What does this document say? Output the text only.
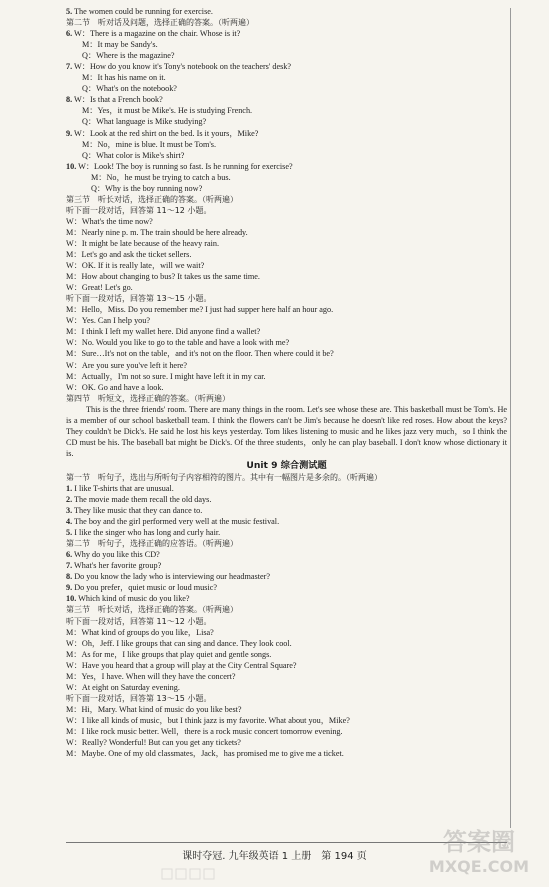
5. The women could be running for exercise.
第二节　听对话及问题，选择正确的答案。（听两遍）
6. W：There is a magazine on the chair. Whose is it?
M：It may be Sandy's.
Q：Where is the magazine?
7. W：How do you know it's Tony's notebook on the teachers' desk?
M：It has his name on it.
Q：What's on the notebook?
8. W：Is that a French book?
M：Yes，it must be Mike's. He is studying French.
Q：What language is Mike studying?
9. W：Look at the red shirt on the bed. Is it yours，Mike?
M：No，mine is blue. It must be Tom's.
Q：What color is Mike's shirt?
10. W：Look! The boy is running so fast. Is he running for exercise?
M：No，he must be trying to catch a bus.
Q：Why is the boy running now?
第三节　听长对话，选择正确的答案。（听两遍）
听下面一段对话，回答第 11～12 小题。
W：What's the time now?
M：Nearly nine p. m. The train should be here already.
W：It might be late because of the heavy rain.
M：Let's go and ask the ticket sellers.
W：OK. If it is really late，will we wait?
M：How about changing to bus? It takes us the same time.
W：Great! Let's go.
听下面一段对话，回答第 13～15 小题。
M：Hello，Miss. Do you remember me? I just had supper here half an hour ago.
W：Yes. Can I help you?
M：I think I left my wallet here. Did anyone find a wallet?
W：No. Would you like to go to the table and have a look with me?
M：Sure…It's not on the table，and it's not on the floor. Then where could it be?
W：Are you sure you've left it here?
M：Actually，I'm not so sure. I might have left it in my car.
W：OK. Go and have a look.
第四节　听短文，选择正确的答案。（听两遍）

This is the three friends' room. There are many things in the room. Let's see whose these are. This basketball must be Tom's. He is a member of our school basketball team. I think the flowers can't be Jim's because he doesn't like red roses. How about the keys? They couldn't be Dick's. He said he lost his keys yesterday. Tom likes listening to music and he likes jazz very much，so I think the CD must be his. The baseball bat might be Dick's. Of the three students，only he can play baseball. I don't know whose dictionary it is.

Unit 9 综合测试题
第一节　听句子，选出与所听句子内容相符的图片。其中有一幅图片是多余的。（听两遍）
1. I like T-shirts that are unusual.
2. The movie made them recall the old days.
3. They like music that they can dance to.
4. The boy and the girl performed very well at the music festival.
5. I like the singer who has long and curly hair.
第二节　听句子，选择正确的应答语。（听两遍）
6. Why do you like this CD?
7. What's her favorite group?
8. Do you know the lady who is interviewing our headmaster?
9. Do you prefer，quiet music or loud music?
10. Which kind of music do you like?
第三节　听长对话，选择正确的答案。（听两遍）
听下面一段对话，回答第 11～12 小题。
M：What kind of groups do you like，Lisa?
W：Oh，Jeff. I like groups that can sing and dance. They look cool.
M：As for me，I like groups that play quiet and gentle songs.
W：Have you heard that a group will play at the City Central Square?
M：Yes，I have. When will they have the concert?
W：At eight on Saturday evening.
听下面一段对话，回答第 13～15 小题。
M：Hi，Mary. What kind of music do you like best?
W：I like all kinds of music，but I think jazz is my favorite. What about you，Mike?
M：I like rock music better. Well，there is a rock music concert tomorrow evening.
W：Really? Wonderful! But can you get any tickets?
M：Maybe. One of my old classmates，Jack，has promised me to give me a ticket.
课时夺冠. 九年级英语 1 上册　第 194 页
答案圈
MXQE.COM
